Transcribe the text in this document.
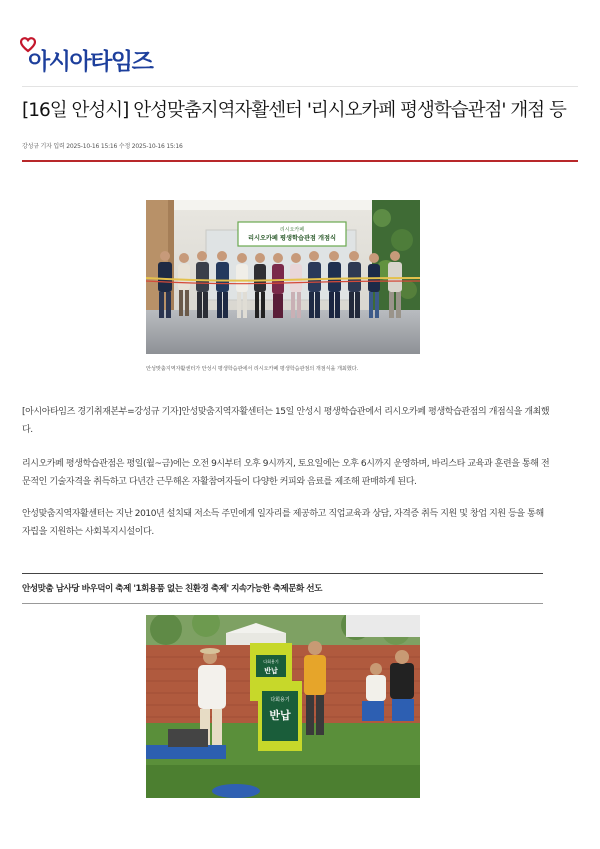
아시아타임즈
[16일 안성시] 안성맞춤지역자활센터 '리시오카페 평생학습관점' 개점 등
강성규 기자 입력 2025-10-16 15:16 수정 2025-10-16 15:16
리시오카페
리시오카페 평생학습관점 개점식
안성맞춤지역자활센터가 안성시 평생학습관에서 리시오카페 평생학습관점의 개점식을 개최했다.

[아시아타임즈 경기취재본부=강성규 기자]안성맞춤지역자활센터는 15일 안성시 평생학습관에서 리시오카페 평생학습관점의 개점식을 개최했다.

리시오카페 평생학습관점은 평일(월~금)에는 오전 9시부터 오후 9시까지, 토요일에는 오후 6시까지 운영하며, 바리스타 교육과 훈련을 통해 전문적인 기술자격을 취득하고 다년간 근무해온 자활참여자들이 다양한 커피와 음료를 제조해 판매하게 된다.

안성맞춤지역자활센터는 지난 2010년 설치돼 저소득 주민에게 일자리를 제공하고 직업교육과 상담, 자격증 취득 지원 및 창업 지원 등을 통해 자립을 지원하는 사회복지시설이다.

안성맞춤 남사당 바우덕이 축제 '1회용품 없는 친환경 축제' 지속가능한 축제문화 선도
다회용기
반납
다회용기
반납
